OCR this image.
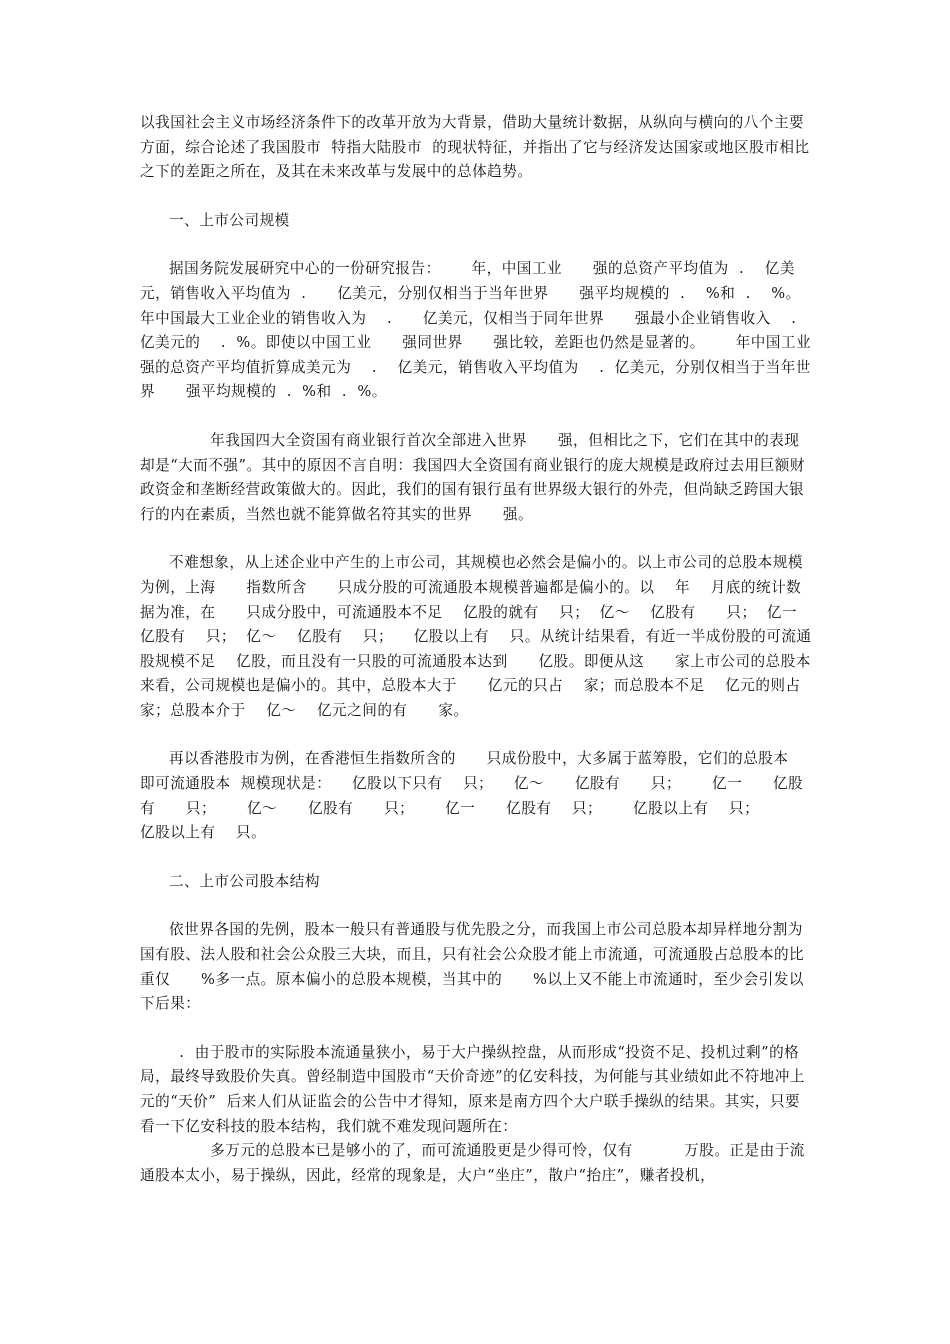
以我国社会主义市场经济条件下的改革开放为大背景，借助大量统计数据，从纵向与横向的八个主要方面，综合论述了我国股市  特指大陆股市  的现状特征，并指出了它与经济发达国家或地区股市相比之下的差距之所在，及其在未来改革与发展中的总体趋势。

一、上市公司规模

据国务院发展研究中心的一份研究报告：      年，中国工业      强的总资产平均值为  .    亿美元，销售收入平均值为  .      亿美元，分别仅相当于当年世界      强平均规模的  .    %和  .    %。        年中国最大工业企业的销售收入为    .      亿美元，仅相当于同年世界      强最小企业销售收入    .      亿美元的    .  %。即使以中国工业      强同世界      强比较，差距也仍然是显著的。      年中国工业      强的总资产平均值折算成美元为    .    亿美元，销售收入平均值为    .  亿美元，分别仅相当于当年世界      强平均规模的  .  %和  .  %。

年我国四大全资国有商业银行首次全部进入世界      强，但相比之下，它们在其中的表现却是“大而不强”。其中的原因不言自明：我国四大全资国有商业银行的庞大规模是政府过去用巨额财政资金和垄断经营政策做大的。因此，我们的国有银行虽有世界级大银行的外壳，但尚缺乏跨国大银行的内在素质，当然也就不能算做名符其实的世界      强。

不难想象，从上述企业中产生的上市公司，其规模也必然会是偏小的。以上市公司的总股本规模为例，上海      指数所含      只成分股的可流通股本规模普遍都是偏小的。以    年    月底的统计数据为准，在      只成分股中，可流通股本不足    亿股的就有    只；  亿～    亿股有      只；  亿一    亿股有    只；  亿～    亿股有    只；    亿股以上有    只。从统计结果看，有近一半成份股的可流通股规模不足    亿股，而且没有一只股的可流通股本达到      亿股。即便从这      家上市公司的总股本来看，公司规模也是偏小的。其中，总股本大于      亿元的只占    家；而总股本不足    亿元的则占      家；总股本介于    亿～    亿元之间的有      家。

再以香港股市为例，在香港恒生指数所含的      只成份股中，大多属于蓝筹股，它们的总股本  即可流通股本  规模现状是：    亿股以下只有    只；    亿～      亿股有      只；      亿一      亿股有      只；      亿～      亿股有      只；      亿一      亿股有    只；      亿股以上有    只；          亿股以上有    只。

二、上市公司股本结构

依世界各国的先例，股本一般只有普通股与优先股之分，而我国上市公司总股本却异样地分割为国有股、法人股和社会公众股三大块，而且，只有社会公众股才能上市流通，可流通股占总股本的比重仅      %多一点。原本偏小的总股本规模，当其中的      %以上又不能上市流通时，至少会引发以下后果：

.  由于股市的实际股本流通量狭小，易于大户操纵控盘，从而形成“投资不足、投机过剩”的格局，最终导致股价失真。曾经制造中国股市“天价奇迹”的亿安科技，为何能与其业绩如此不符地冲上        元的“天价”  后来人们从证监会的公告中才得知，原来是南方四个大户联手操纵的结果。其实，只要看一下亿安科技的股本结构，我们就不难发现问题所在：

多万元的总股本已是够小的了，而可流通股更是少得可怜，仅有          万股。正是由于流通股本太小，易于操纵，因此，经常的现象是，大户“坐庄”，散户“抬庄”，赚者投机，
